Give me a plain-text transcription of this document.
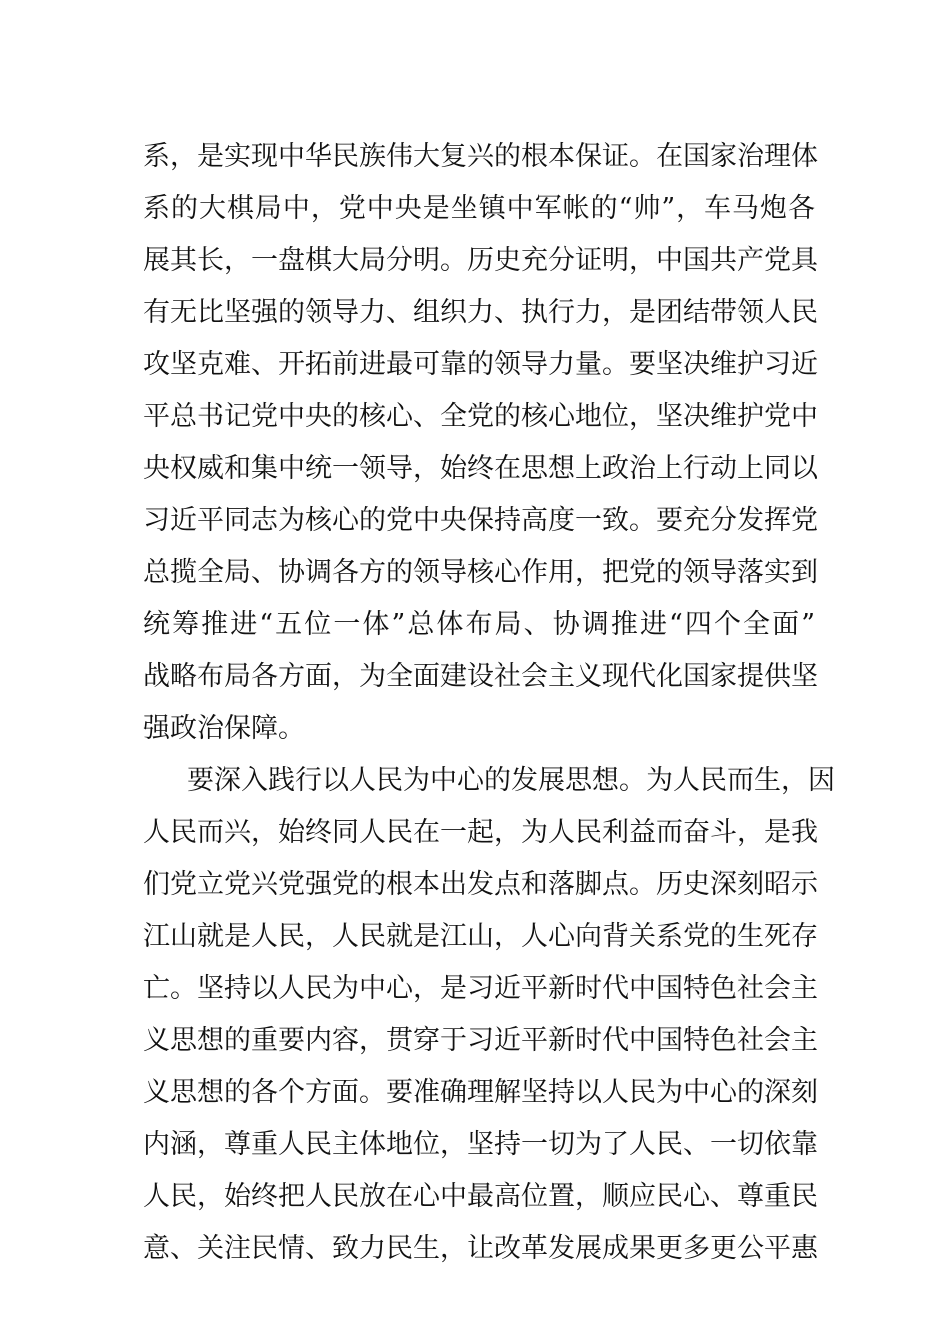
系，是实现中华民族伟大复兴的根本保证。在国家治理体
系的大棋局中，党中央是坐镇中军帐的“帅”，车马炮各
展其长，一盘棋大局分明。历史充分证明，中国共产党具
有无比坚强的领导力、组织力、执行力，是团结带领人民
攻坚克难、开拓前进最可靠的领导力量。要坚决维护习近
平总书记党中央的核心、全党的核心地位，坚决维护党中
央权威和集中统一领导，始终在思想上政治上行动上同以
习近平同志为核心的党中央保持高度一致。要充分发挥党
总揽全局、协调各方的领导核心作用，把党的领导落实到
统筹推进“五位一体”总体布局、协调推进“四个全面”
战略布局各方面，为全面建设社会主义现代化国家提供坚
强政治保障。
要深入践行以人民为中心的发展思想。为人民而生，因
人民而兴，始终同人民在一起，为人民利益而奋斗，是我
们党立党兴党强党的根本出发点和落脚点。历史深刻昭示
江山就是人民，人民就是江山，人心向背关系党的生死存
亡。坚持以人民为中心，是习近平新时代中国特色社会主
义思想的重要内容，贯穿于习近平新时代中国特色社会主
义思想的各个方面。要准确理解坚持以人民为中心的深刻
内涵，尊重人民主体地位，坚持一切为了人民、一切依靠
人民，始终把人民放在心中最高位置，顺应民心、尊重民
意、关注民情、致力民生，让改革发展成果更多更公平惠
